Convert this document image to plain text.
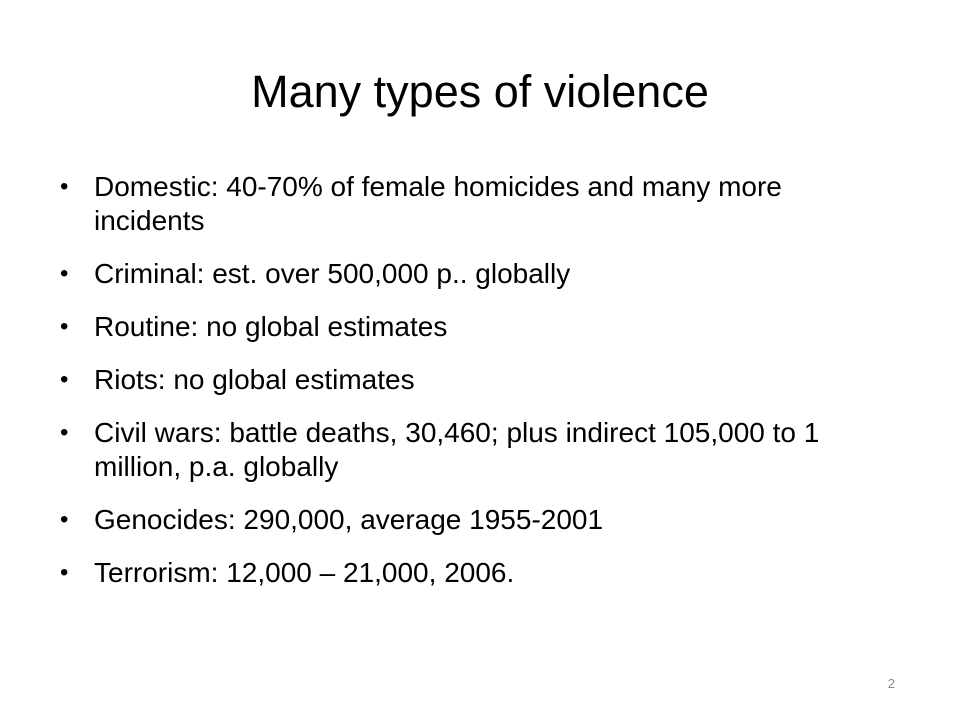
Many types of violence
• Domestic: 40-70% of female homicides and many more incidents
• Criminal: est. over 500,000 p.. globally
• Routine: no global estimates
• Riots: no global estimates
• Civil wars: battle deaths, 30,460; plus indirect 105,000 to 1 million, p.a. globally
• Genocides: 290,000, average 1955-2001
• Terrorism: 12,000 – 21,000, 2006.
2
